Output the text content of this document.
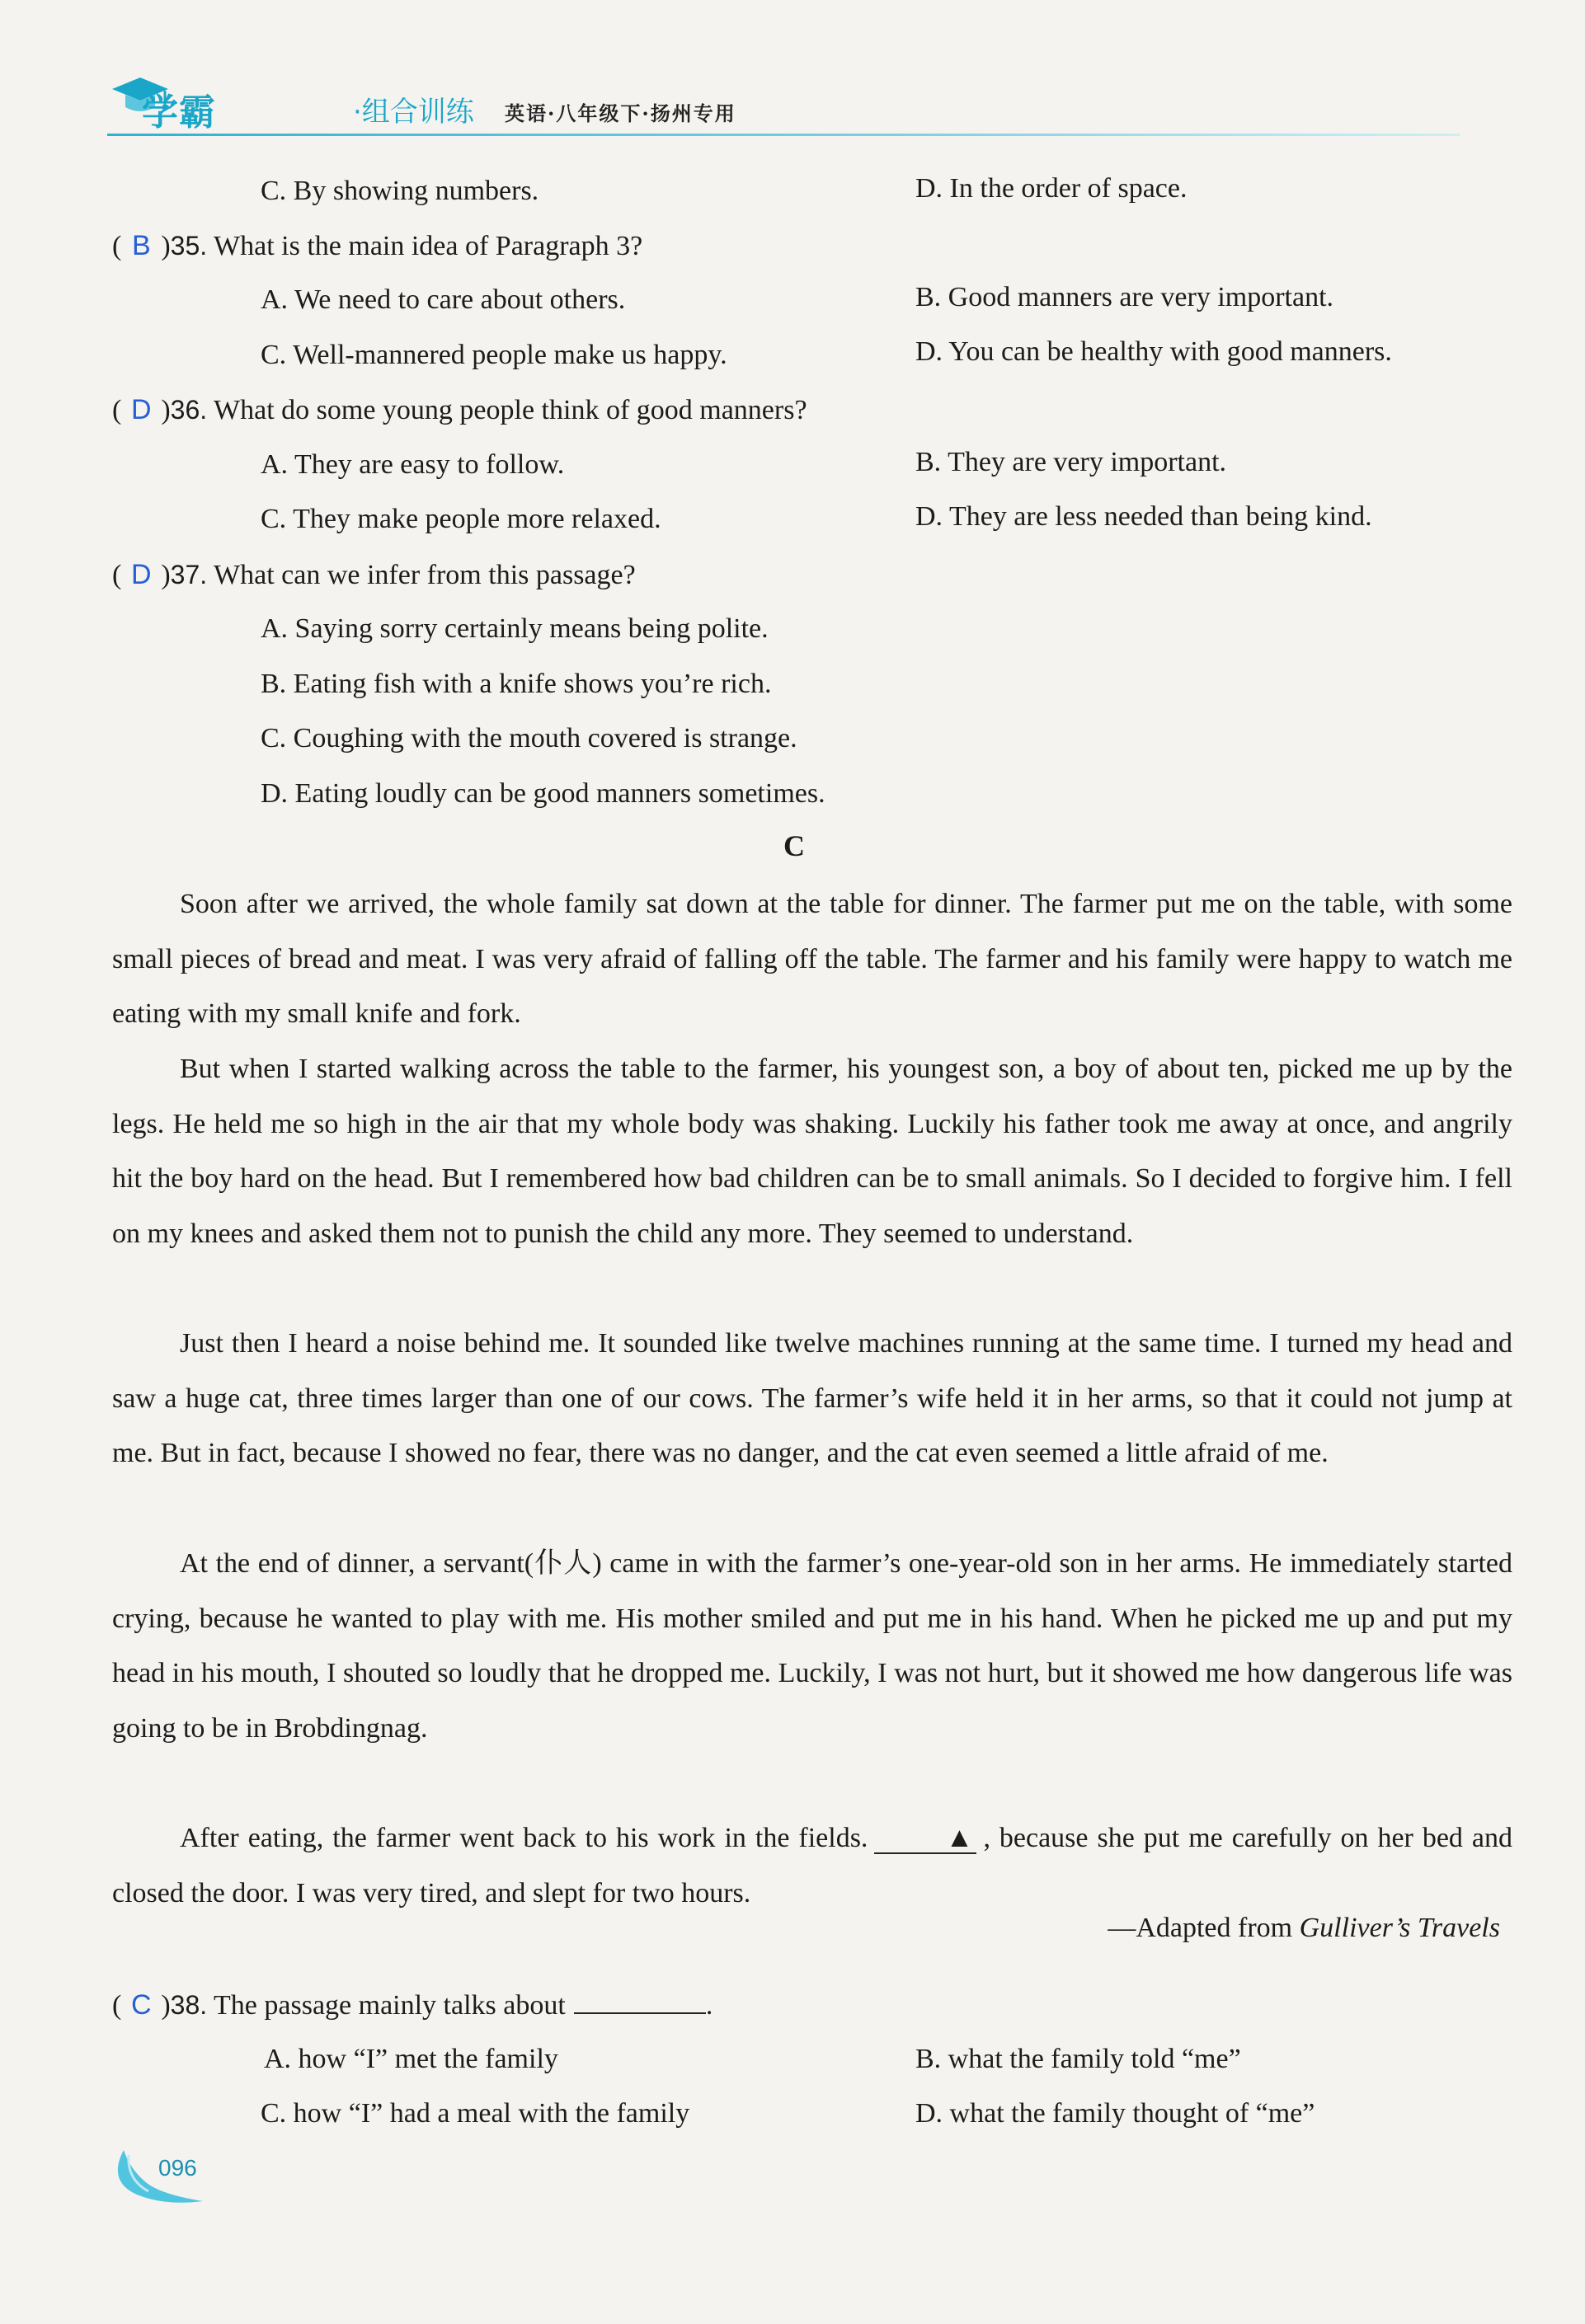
学霸	·组合训练 英语·八年级下·扬州专用
C. By showing numbers.	D. In the order of space.
( B )35. What is the main idea of Paragraph 3?
A. We need to care about others.	B. Good manners are very important.
C. Well-mannered people make us happy.	D. You can be healthy with good manners.
( D )36. What do some young people think of good manners?
A. They are easy to follow.	B. They are very important.
C. They make people more relaxed.	D. They are less needed than being kind.
( D )37. What can we infer from this passage?
A. Saying sorry certainly means being polite.
B. Eating fish with a knife shows you’re rich.
C. Coughing with the mouth covered is strange.
D. Eating loudly can be good manners sometimes.
C
Soon after we arrived, the whole family sat down at the table for dinner. The farmer put me on the table, with some small pieces of bread and meat. I was very afraid of falling off the table. The farmer and his family were happy to watch me eating with my small knife and fork.
But when I started walking across the table to the farmer, his youngest son, a boy of about ten, picked me up by the legs. He held me so high in the air that my whole body was shaking. Luckily his father took me away at once, and angrily hit the boy hard on the head. But I remembered how bad children can be to small animals. So I decided to forgive him. I fell on my knees and asked them not to punish the child any more. They seemed to understand.
Just then I heard a noise behind me. It sounded like twelve machines running at the same time. I turned my head and saw a huge cat, three times larger than one of our cows. The farmer’s wife held it in her arms, so that it could not jump at me. But in fact, because I showed no fear, there was no danger, and the cat even seemed a little afraid of me.
At the end of dinner, a servant(仆人) came in with the farmer’s one-year-old son in her arms. He immediately started crying, because he wanted to play with me. His mother smiled and put me in his hand. When he picked me up and put my head in his mouth, I shouted so loudly that he dropped me. Luckily, I was not hurt, but it showed me how dangerous life was going to be in Brobdingnag.
After eating, the farmer went back to his work in the fields.	▲ , because she put me carefully on her bed and closed the door. I was very tired, and slept for two hours.
—Adapted from Gulliver’s Travels
( C )38. The passage mainly talks about	.
A. how “I” met the family	B. what the family told “me”
C. how “I” had a meal with the family	D. what the family thought of “me”
096
